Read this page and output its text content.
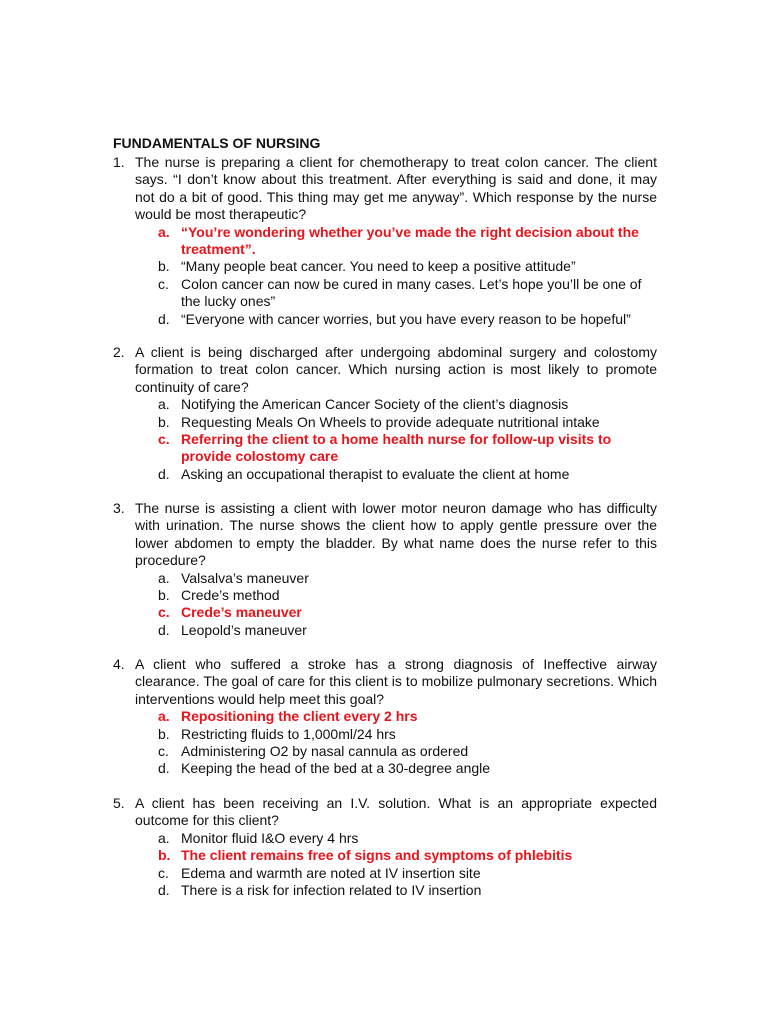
FUNDAMENTALS OF NURSING
1. The nurse is preparing a client for chemotherapy to treat colon cancer. The client says. “I don’t know about this treatment. After everything is said and done, it may not do a bit of good. This thing may get me anyway”. Which response by the nurse would be most therapeutic?
a. “You’re wondering whether you’ve made the right decision about the treatment”.
b. “Many people beat cancer. You need to keep a positive attitude”
c. Colon cancer can now be cured in many cases. Let’s hope you’ll be one of the lucky ones”
d. “Everyone with cancer worries, but you have every reason to be hopeful”
2. A client is being discharged after undergoing abdominal surgery and colostomy formation to treat colon cancer. Which nursing action is most likely to promote continuity of care?
a. Notifying the American Cancer Society of the client’s diagnosis
b. Requesting Meals On Wheels to provide adequate nutritional intake
c. Referring the client to a home health nurse for follow-up visits to provide colostomy care
d. Asking an occupational therapist to evaluate the client at home
3. The nurse is assisting a client with lower motor neuron damage who has difficulty with urination. The nurse shows the client how to apply gentle pressure over the lower abdomen to empty the bladder. By what name does the nurse refer to this procedure?
a. Valsalva’s maneuver
b. Crede’s method
c. Crede’s maneuver
d. Leopold’s maneuver
4. A client who suffered a stroke has a strong diagnosis of Ineffective airway clearance. The goal of care for this client is to mobilize pulmonary secretions. Which interventions would help meet this goal?
a. Repositioning the client every 2 hrs
b. Restricting fluids to 1,000ml/24 hrs
c. Administering O2 by nasal cannula as ordered
d. Keeping the head of the bed at a 30-degree angle
5. A client has been receiving an I.V. solution. What is an appropriate expected outcome for this client?
a. Monitor fluid I&O every 4 hrs
b. The client remains free of signs and symptoms of phlebitis
c. Edema and warmth are noted at IV insertion site
d. There is a risk for infection related to IV insertion
